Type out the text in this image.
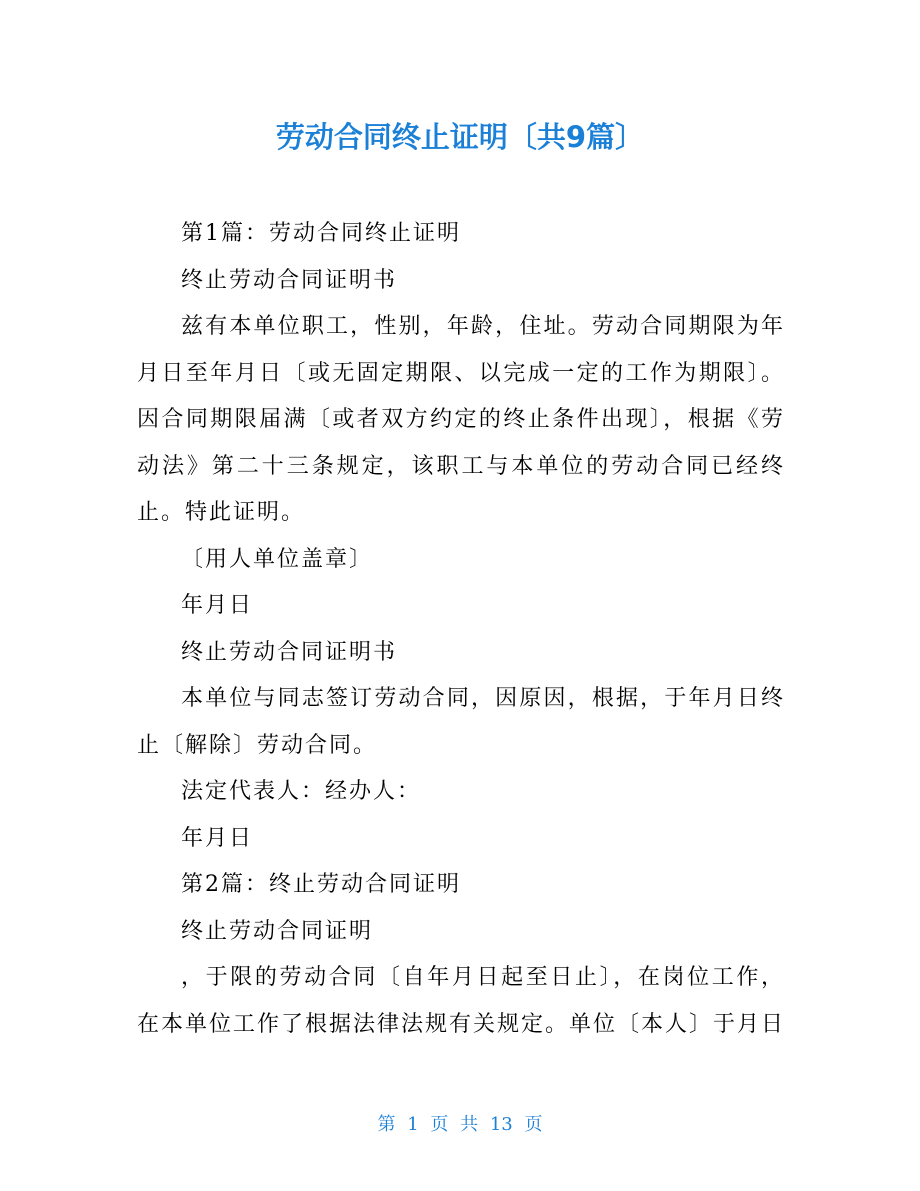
劳动合同终止证明〔共9篇〕

第1篇：劳动合同终止证明

终止劳动合同证明书

兹有本单位职工，性别，年龄，住址。劳动合同期限为年月日至年月日〔或无固定期限、以完成一定的工作为期限〕。因合同期限届满〔或者双方约定的终止条件出现〕，根据《劳动法》第二十三条规定，该职工与本单位的劳动合同已经终止。特此证明。

〔用人单位盖章〕

年月日

终止劳动合同证明书

本单位与同志签订劳动合同，因原因，根据，于年月日终止〔解除〕劳动合同。

法定代表人：经办人：

年月日

第2篇：终止劳动合同证明

终止劳动合同证明

，于限的劳动合同〔自年月日起至日止〕，在岗位工作，在本单位工作了根据法律法规有关规定。单位〔本人〕于月日

第 1 页 共 13 页
